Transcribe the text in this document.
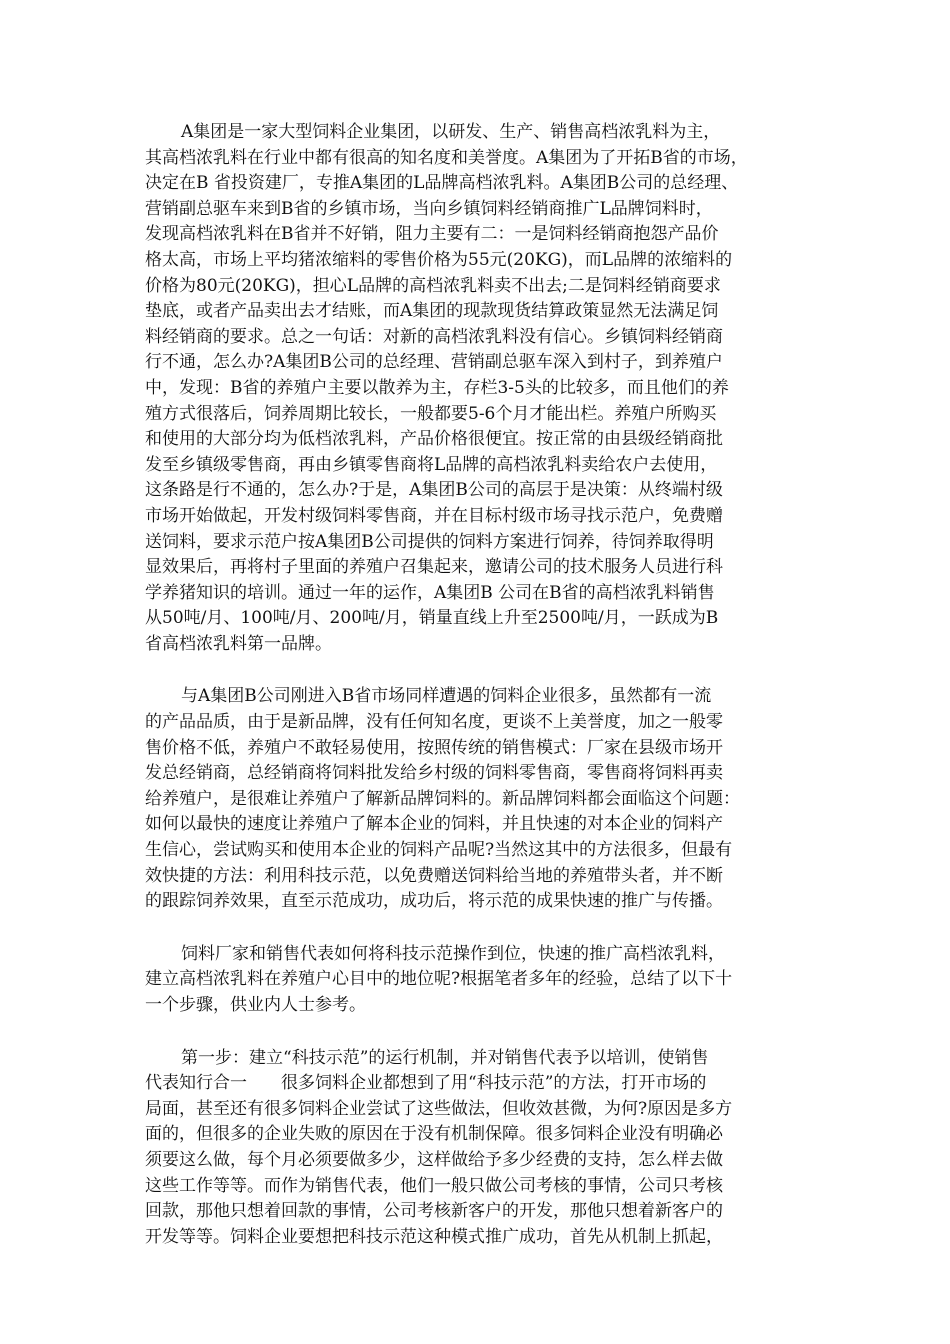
A集团是一家大型饲料企业集团，以研发、生产、销售高档浓乳料为主，
其高档浓乳料在行业中都有很高的知名度和美誉度。A集团为了开拓B省的市场，
决定在B 省投资建厂，专推A集团的L品牌高档浓乳料。A集团B公司的总经理、
营销副总驱车来到B省的乡镇市场，当向乡镇饲料经销商推广L品牌饲料时，
发现高档浓乳料在B省并不好销，阻力主要有二：一是饲料经销商抱怨产品价
格太高，市场上平均猪浓缩料的零售价格为55元(20KG)，而L品牌的浓缩料的
价格为80元(20KG)，担心L品牌的高档浓乳料卖不出去;二是饲料经销商要求
垫底，或者产品卖出去才结账，而A集团的现款现货结算政策显然无法满足饲
料经销商的要求。总之一句话：对新的高档浓乳料没有信心。乡镇饲料经销商
行不通，怎么办?A集团B公司的总经理、营销副总驱车深入到村子，到养殖户
中，发现：B省的养殖户主要以散养为主，存栏3-5头的比较多，而且他们的养
殖方式很落后，饲养周期比较长，一般都要5-6个月才能出栏。养殖户所购买
和使用的大部分均为低档浓乳料，产品价格很便宜。按正常的由县级经销商批
发至乡镇级零售商，再由乡镇零售商将L品牌的高档浓乳料卖给农户去使用，
这条路是行不通的，怎么办?于是，A集团B公司的高层于是决策：从终端村级
市场开始做起，开发村级饲料零售商，并在目标村级市场寻找示范户，免费赠
送饲料，要求示范户按A集团B公司提供的饲料方案进行饲养，待饲养取得明
显效果后，再将村子里面的养殖户召集起来，邀请公司的技术服务人员进行科
学养猪知识的培训。通过一年的运作，A集团B 公司在B省的高档浓乳料销售
从50吨/月、100吨/月、200吨/月，销量直线上升至2500吨/月，一跃成为B
省高档浓乳料第一品牌。
与A集团B公司刚进入B省市场同样遭遇的饲料企业很多，虽然都有一流
的产品品质，由于是新品牌，没有任何知名度，更谈不上美誉度，加之一般零
售价格不低，养殖户不敢轻易使用，按照传统的销售模式：厂家在县级市场开
发总经销商，总经销商将饲料批发给乡村级的饲料零售商，零售商将饲料再卖
给养殖户，是很难让养殖户了解新品牌饲料的。新品牌饲料都会面临这个问题：
如何以最快的速度让养殖户了解本企业的饲料，并且快速的对本企业的饲料产
生信心，尝试购买和使用本企业的饲料产品呢?当然这其中的方法很多，但最有
效快捷的方法：利用科技示范，以免费赠送饲料给当地的养殖带头者，并不断
的跟踪饲养效果，直至示范成功，成功后，将示范的成果快速的推广与传播。
饲料厂家和销售代表如何将科技示范操作到位，快速的推广高档浓乳料，
建立高档浓乳料在养殖户心目中的地位呢?根据笔者多年的经验，总结了以下十
一个步骤，供业内人士参考。
第一步：建立“科技示范”的运行机制，并对销售代表予以培训，使销售
代表知行合一　　很多饲料企业都想到了用“科技示范”的方法，打开市场的
局面，甚至还有很多饲料企业尝试了这些做法，但收效甚微，为何?原因是多方
面的，但很多的企业失败的原因在于没有机制保障。很多饲料企业没有明确必
须要这么做，每个月必须要做多少，这样做给予多少经费的支持，怎么样去做
这些工作等等。而作为销售代表，他们一般只做公司考核的事情，公司只考核
回款，那他只想着回款的事情，公司考核新客户的开发，那他只想着新客户的
开发等等。饲料企业要想把科技示范这种模式推广成功，首先从机制上抓起，
